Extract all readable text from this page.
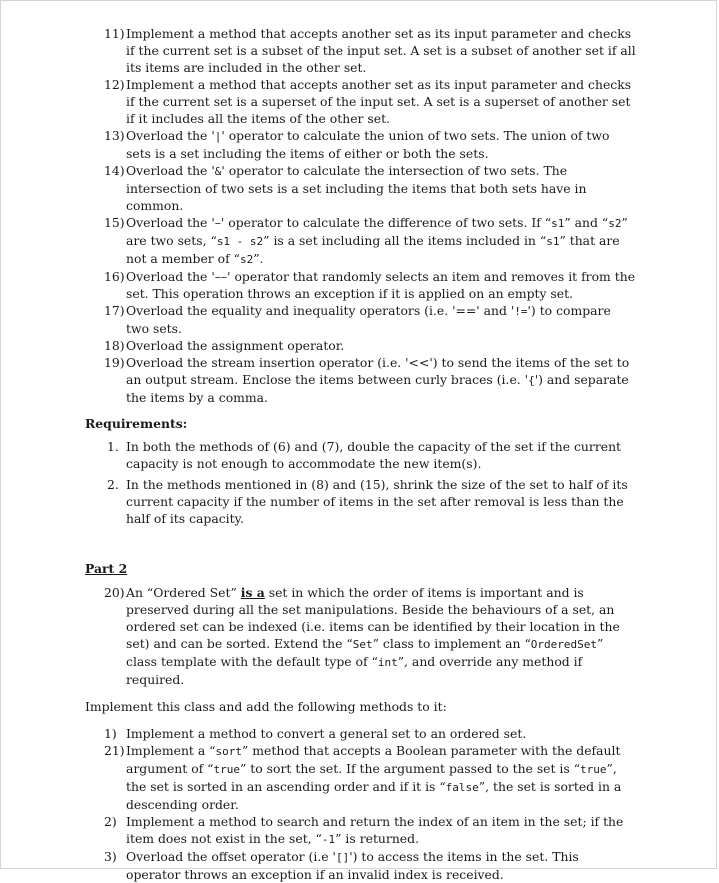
11) Implement a method that accepts another set as its input parameter and checks if the current set is a subset of the input set. A set is a subset of another set if all its items are included in the other set.
12) Implement a method that accepts another set as its input parameter and checks if the current set is a superset of the input set. A set is a superset of another set if it includes all the items of the other set.
13) Overload the '|' operator to calculate the union of two sets. The union of two sets is a set including the items of either or both the sets.
14) Overload the '&' operator to calculate the intersection of two sets. The intersection of two sets is a set including the items that both sets have in common.
15) Overload the '–' operator to calculate the difference of two sets. If “s1” and “s2” are two sets, “s1 - s2” is a set including all the items included in “s1” that are not a member of “s2”.
16) Overload the '––' operator that randomly selects an item and removes it from the set. This operation throws an exception if it is applied on an empty set.
17) Overload the equality and inequality operators (i.e. '==' and '!=') to compare two sets.
18) Overload the assignment operator.
19) Overload the stream insertion operator (i.e. '<<') to send the items of the set to an output stream. Enclose the items between curly braces (i.e. '{') and separate the items by a comma.
Requirements:
1. In both the methods of (6) and (7), double the capacity of the set if the current capacity is not enough to accommodate the new item(s).
2. In the methods mentioned in (8) and (15), shrink the size of the set to half of its current capacity if the number of items in the set after removal is less than the half of its capacity.
Part 2
20) An “Ordered Set” is a set in which the order of items is important and is preserved during all the set manipulations. Beside the behaviours of a set, an ordered set can be indexed (i.e. items can be identified by their location in the set) and can be sorted. Extend the “Set” class to implement an “OrderedSet” class template with the default type of “int”, and override any method if required.
Implement this class and add the following methods to it:
1) Implement a method to convert a general set to an ordered set.
21) Implement a “sort” method that accepts a Boolean parameter with the default argument of “true” to sort the set. If the argument passed to the set is “true”, the set is sorted in an ascending order and if it is “false”, the set is sorted in a descending order.
2) Implement a method to search and return the index of an item in the set; if the item does not exist in the set, “-1” is returned.
3) Overload the offset operator (i.e '[]') to access the items in the set. This operator throws an exception if an invalid index is received.
